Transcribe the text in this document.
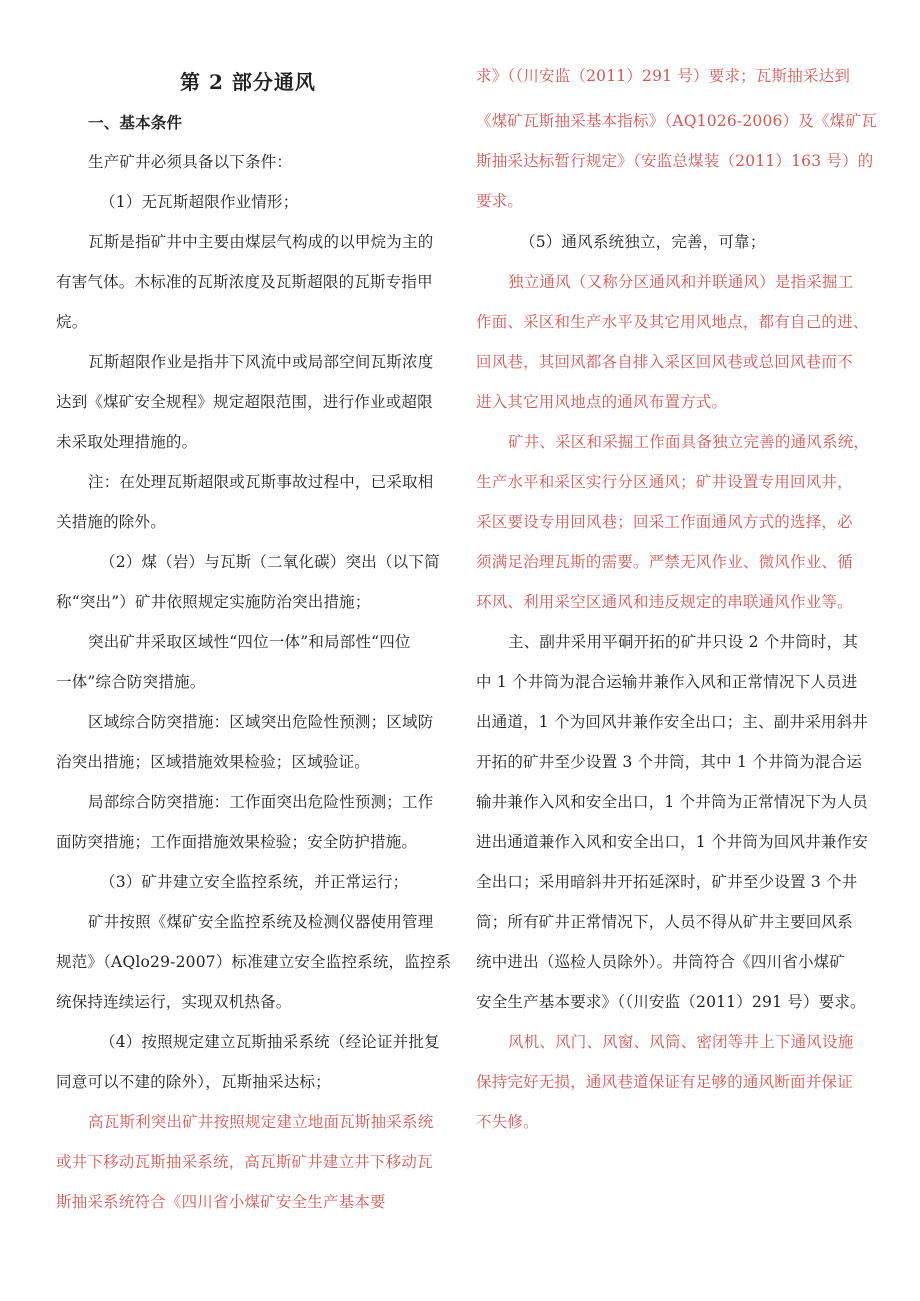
第 2 部分通风
一、基本条件
生产矿井必须具备以下条件：
（1）无瓦斯超限作业情形；
瓦斯是指矿井中主要由煤层气构成的以甲烷为主的
有害气体。木标准的瓦斯浓度及瓦斯超限的瓦斯专指甲
烷。
瓦斯超限作业是指井下风流中或局部空间瓦斯浓度
达到《煤矿安全规程》规定超限范围，进行作业或超限
未采取处理措施的。
注：在处理瓦斯超限或瓦斯事故过程中，已采取相
关措施的除外。
（2）煤（岩）与瓦斯（二氧化碳）突出（以下简
称“突出”）矿井依照规定实施防治突出措施；
突出矿井采取区域性“四位一体”和局部性“四位
一体”综合防突措施。
区域综合防突措施：区域突出危险性预测；区域防
治突出措施；区域措施效果检验；区域验证。
局部综合防突措施：工作面突出危险性预测；工作
面防突措施；工作面措施效果检验；安全防护措施。
（3）矿井建立安全监控系统，并正常运行；
矿井按照《煤矿安全监控系统及检测仪器使用管理
规范》（AQlo29-2007）标准建立安全监控系统，监控系
统保持连续运行，实现双机热备。
（4）按照规定建立瓦斯抽采系统（经论证并批复
同意可以不建的除外），瓦斯抽采达标；
高瓦斯利突出矿井按照规定建立地面瓦斯抽采系统
或井下移动瓦斯抽采系统，高瓦斯矿井建立井下移动瓦
斯抽采系统符合《四川省小煤矿安全生产基本要
求》（（川安监（2011）291 号）要求；瓦斯抽采达到
《煤矿瓦斯抽采基本指标》（AQ1026-2006）及《煤矿瓦
斯抽采达标暂行规定》（安监总煤装（2011）163 号）的
要求。
（5）通风系统独立，完善，可靠；
独立通风（又称分区通风和并联通风）是指采掘工
作面、采区和生产水平及其它用风地点，都有自己的进、
回风巷，其回风都各自排入采区回风巷或总回风巷而不
进入其它用风地点的通风布置方式。
矿井、采区和采掘工作面具备独立完善的通风系统，
生产水平和采区实行分区通风；矿井设置专用回风井，
采区要设专用回风巷；回采工作面通风方式的选择，必
须满足治理瓦斯的需要。严禁无风作业、微风作业、循
环风、利用采空区通风和违反规定的串联通风作业等。
主、副井采用平硐开拓的矿井只设 2 个井筒时，其
中 1 个井筒为混合运输井兼作入风和正常情况下人员进
出通道，1 个为回风井兼作安全出口；主、副井采用斜井
开拓的矿井至少设置 3 个井筒，其中 1 个井筒为混合运
输井兼作入风和安全出口，1 个井筒为正常情况下为人员
进出通道兼作入风和安全出口，1 个井筒为回风井兼作安
全出口；采用暗斜井开拓延深时，矿井至少设置 3 个井
筒；所有矿井正常情况下，人员不得从矿井主要回风系
统中进出（巡检人员除外）。井筒符合《四川省小煤矿
安全生产基本要求》（（川安监（2011）291 号）要求。
风机、风门、风窗、风筒、密闭等井上下通风设施
保持完好无损，通风巷道保证有足够的通风断面并保证
不失修。
